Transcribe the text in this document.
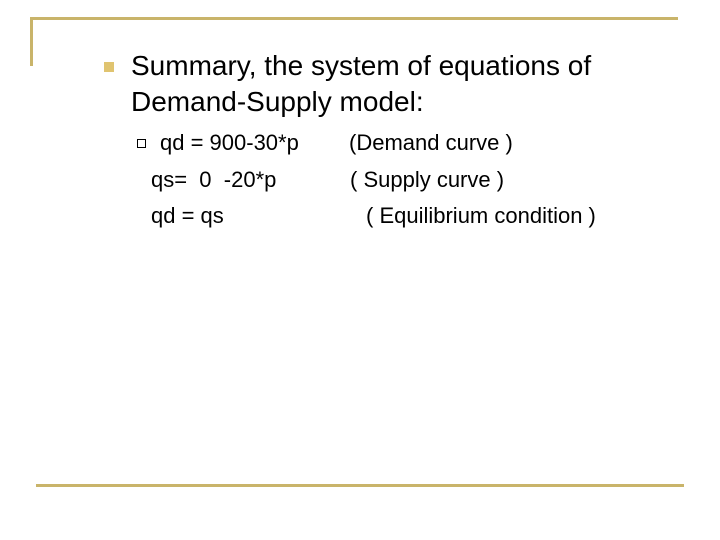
Summary, the system of equations of
Demand-Supply model:
qd = 900-30*p (Demand curve )
qs=  0  -20*p	( Supply curve )
qd = qs	( Equilibrium condition )
